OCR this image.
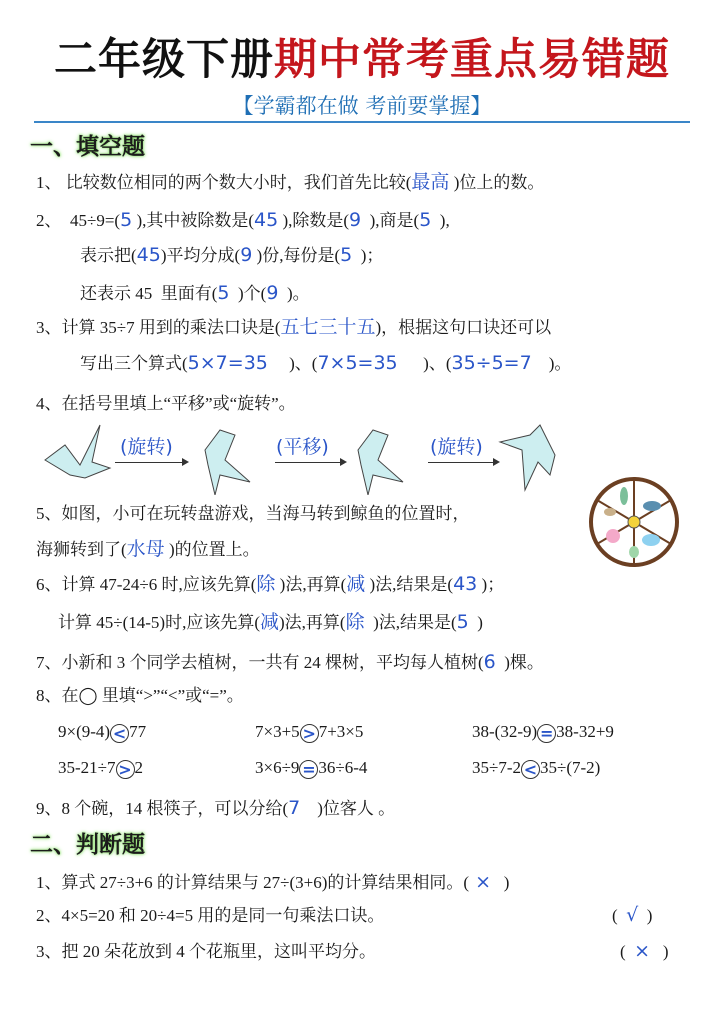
二年级下册期中常考重点易错题
【学霸都在做 考前要掌握】
一、填空题
二、判断题
1、 比较数位相同的两个数大小时，我们首先比较(最高 )位上的数。
2、  45÷9=(5 ),其中被除数是(45 ),除数是(9  ),商是(5  ),
表示把(45)平均分成(9 )份,每份是(5  )；
还表示 45  里面有(5  )个(9  )。
3、计算 35÷7 用到的乘法口诀是(五七三十五)，根据这句口诀还可以
写出三个算式(5×7=35     )、(7×5=35      )、(35÷5=7    )。
4、在括号里填上“平移”或“旋转”。
5、如图，小可在玩转盘游戏，当海马转到鲸鱼的位置时，
海狮转到了(水母 )的位置上。
6、计算 47-24÷6 时,应该先算(除 )法,再算(减 )法,结果是(43 )；
计算 45÷(14-5)时,应该先算(减)法,再算(除  )法,结果是(5  )
7、小新和 3 个同学去植树，一共有 24 棵树，平均每人植树(6  )棵。
8、在◯ 里填“>”“<”或“=”。
9、8 个碗，14 根筷子，可以分给(7    )位客人 。
1、算式 27÷3+6 的计算结果与 27÷(3+6)的计算结果相同。( ×   )
2、4×5=20 和 20÷4=5 用的是同一句乘法口诀。	(  √  )
3、把 20 朵花放到 4 个花瓶里，这叫平均分。	(  ×   )
9×(9-4) < 77	7×3+5 > 7+3×5	38-(32-9) = 38-32+9
35-21÷7 > 2	3×6÷9 = 36÷6-4	35÷7-2 < 35÷(7-2)
(旋转)	(平移)	(旋转)
